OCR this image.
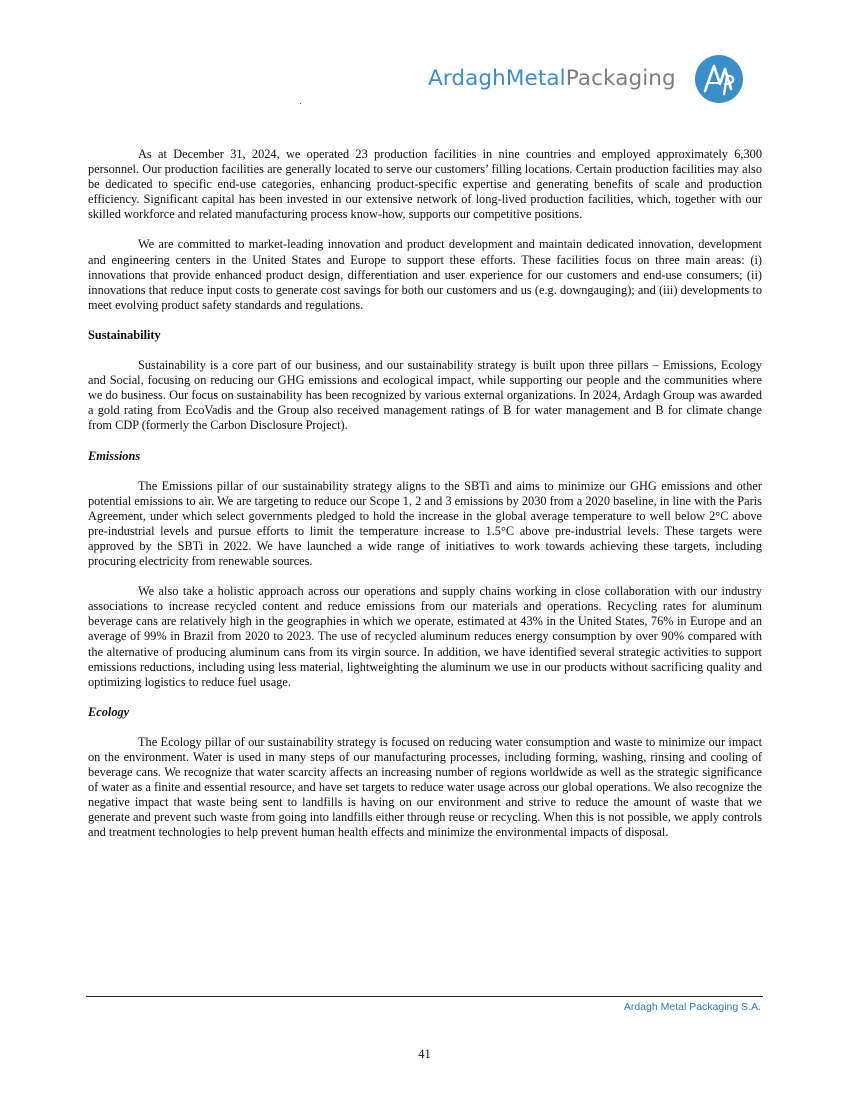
ArdaghMetalPackaging

As at December 31, 2024, we operated 23 production facilities in nine countries and employed approximately 6,300 personnel. Our production facilities are generally located to serve our customers’ filling locations. Certain production facilities may also be dedicated to specific end-use categories, enhancing product-specific expertise and generating benefits of scale and production efficiency. Significant capital has been invested in our extensive network of long-lived production facilities, which, together with our skilled workforce and related manufacturing process know-how, supports our competitive positions.

We are committed to market-leading innovation and product development and maintain dedicated innovation, development and engineering centers in the United States and Europe to support these efforts. These facilities focus on three main areas: (i) innovations that provide enhanced product design, differentiation and user experience for our customers and end-use consumers; (ii) innovations that reduce input costs to generate cost savings for both our customers and us (e.g. downgauging); and (iii) developments to meet evolving product safety standards and regulations.

Sustainability

Sustainability is a core part of our business, and our sustainability strategy is built upon three pillars – Emissions, Ecology and Social, focusing on reducing our GHG emissions and ecological impact, while supporting our people and the communities where we do business. Our focus on sustainability has been recognized by various external organizations. In 2024, Ardagh Group was awarded a gold rating from EcoVadis and the Group also received management ratings of B for water management and B for climate change from CDP (formerly the Carbon Disclosure Project).

Emissions

The Emissions pillar of our sustainability strategy aligns to the SBTi and aims to minimize our GHG emissions and other potential emissions to air. We are targeting to reduce our Scope 1, 2 and 3 emissions by 2030 from a 2020 baseline, in line with the Paris Agreement, under which select governments pledged to hold the increase in the global average temperature to well below 2°C above pre-industrial levels and pursue efforts to limit the temperature increase to 1.5°C above pre-industrial levels. These targets were approved by the SBTi in 2022. We have launched a wide range of initiatives to work towards achieving these targets, including procuring electricity from renewable sources.

We also take a holistic approach across our operations and supply chains working in close collaboration with our industry associations to increase recycled content and reduce emissions from our materials and operations. Recycling rates for aluminum beverage cans are relatively high in the geographies in which we operate, estimated at 43% in the United States, 76% in Europe and an average of 99% in Brazil from 2020 to 2023. The use of recycled aluminum reduces energy consumption by over 90% compared with the alternative of producing aluminum cans from its virgin source. In addition, we have identified several strategic activities to support emissions reductions, including using less material, lightweighting the aluminum we use in our products without sacrificing quality and optimizing logistics to reduce fuel usage.

Ecology

The Ecology pillar of our sustainability strategy is focused on reducing water consumption and waste to minimize our impact on the environment. Water is used in many steps of our manufacturing processes, including forming, washing, rinsing and cooling of beverage cans. We recognize that water scarcity affects an increasing number of regions worldwide as well as the strategic significance of water as a finite and essential resource, and have set targets to reduce water usage across our global operations. We also recognize the negative impact that waste being sent to landfills is having on our environment and strive to reduce the amount of waste that we generate and prevent such waste from going into landfills either through reuse or recycling. When this is not possible, we apply controls and treatment technologies to help prevent human health effects and minimize the environmental impacts of disposal.

Ardagh Metal Packaging S.A.
41
